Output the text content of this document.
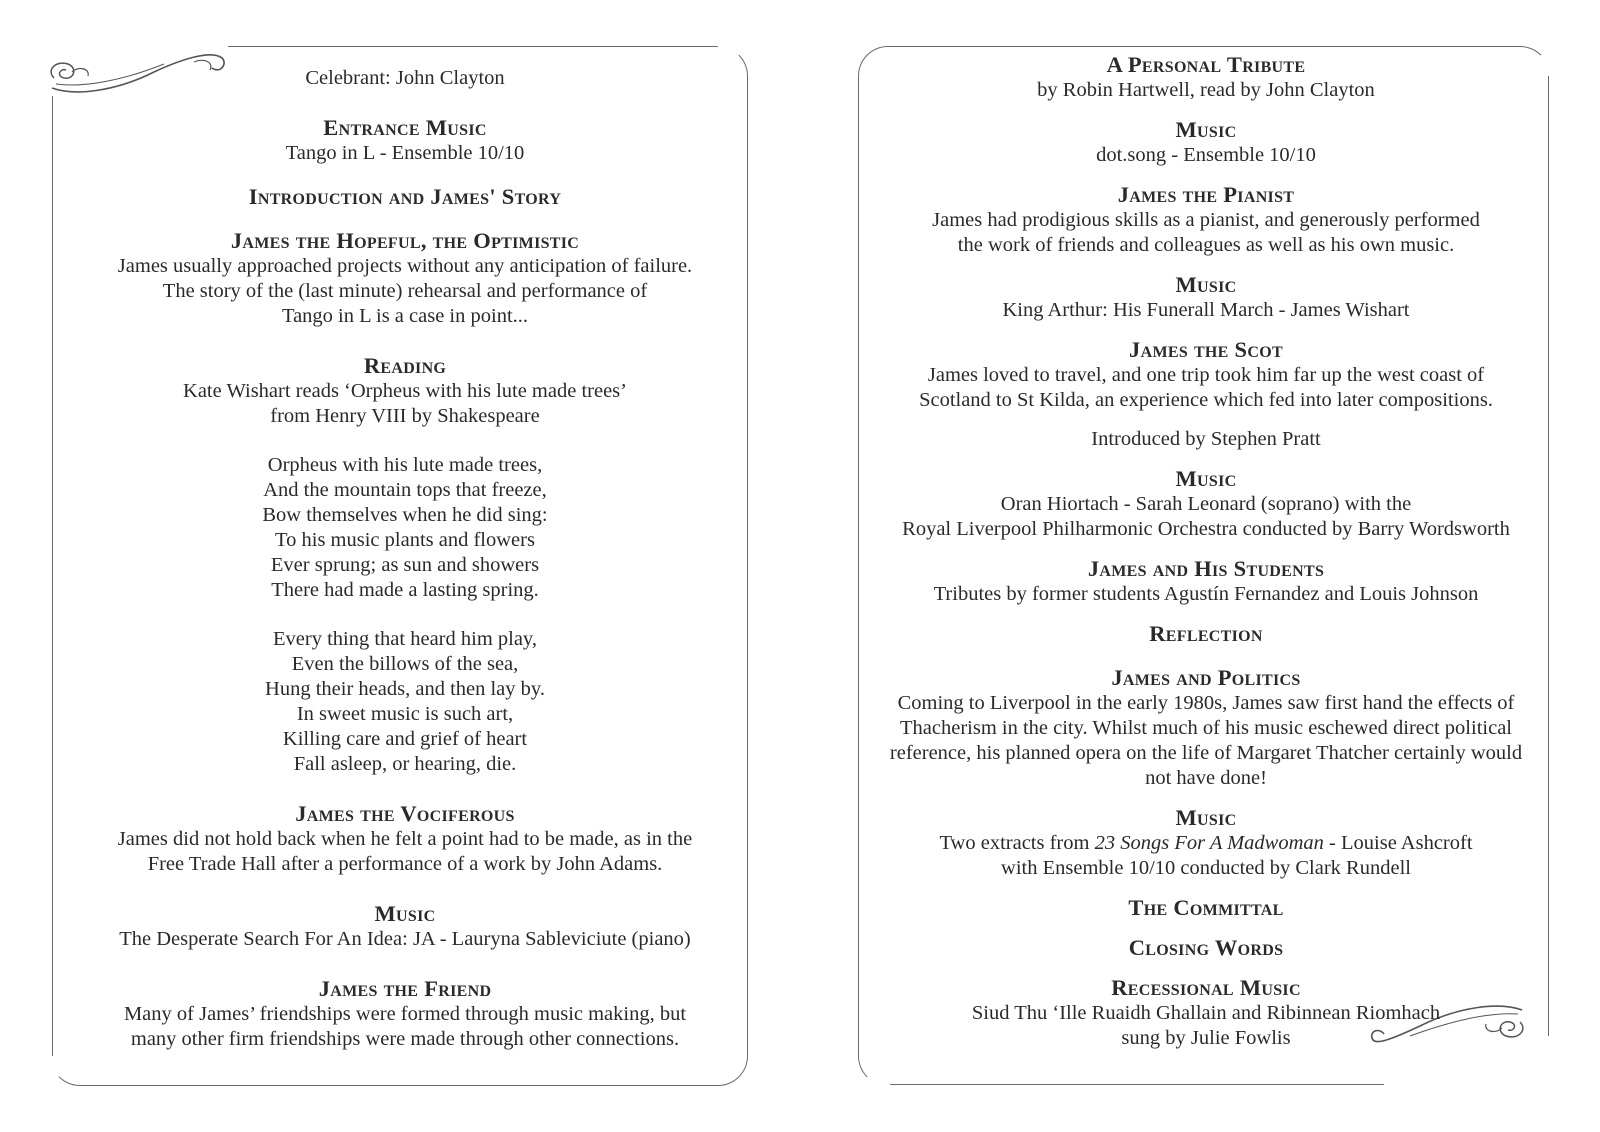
Celebrant: John Clayton
Entrance Music
Tango in L - Ensemble 10/10
Introduction and James' Story
James the Hopeful, the Optimistic
James usually approached projects without any anticipation of failure.
The story of the (last minute) rehearsal and performance of
Tango in L is a case in point...
Reading
Kate Wishart reads ‘Orpheus with his lute made trees’
from Henry VIII by Shakespeare
Orpheus with his lute made trees,
And the mountain tops that freeze,
Bow themselves when he did sing:
To his music plants and flowers
Ever sprung; as sun and showers
There had made a lasting spring.
Every thing that heard him play,
Even the billows of the sea,
Hung their heads, and then lay by.
In sweet music is such art,
Killing care and grief of heart
Fall asleep, or hearing, die.
James the Vociferous
James did not hold back when he felt a point had to be made, as in the
Free Trade Hall after a performance of a work by John Adams.
Music
The Desperate Search For An Idea: JA - Lauryna Sableviciute (piano)
James the Friend
Many of James’ friendships were formed through music making, but
many other firm friendships were made through other connections.
A Personal Tribute
by Robin Hartwell, read by John Clayton
Music
dot.song - Ensemble 10/10
James the Pianist
James had prodigious skills as a pianist, and generously performed
the work of friends and colleagues as well as his own music.
Music
King Arthur: His Funerall March - James Wishart
James the Scot
James loved to travel, and one trip took him far up the west coast of
Scotland to St Kilda, an experience which fed into later compositions.
Introduced by Stephen Pratt
Music
Oran Hiortach - Sarah Leonard (soprano) with the
Royal Liverpool Philharmonic Orchestra conducted by Barry Wordsworth
James and His Students
Tributes by former students Agustín Fernandez and Louis Johnson
Reflection
James and Politics
Coming to Liverpool in the early 1980s, James saw first hand the effects of
Thacherism in the city. Whilst much of his music eschewed direct political
reference, his planned opera on the life of Margaret Thatcher certainly would
not have done!
Music
Two extracts from 23 Songs For A Madwoman - Louise Ashcroft
with Ensemble 10/10 conducted by Clark Rundell
The Committal
Closing Words
Recessional Music
Siud Thu ‘Ille Ruaidh Ghallain and Ribinnean Riomhach
sung by Julie Fowlis
